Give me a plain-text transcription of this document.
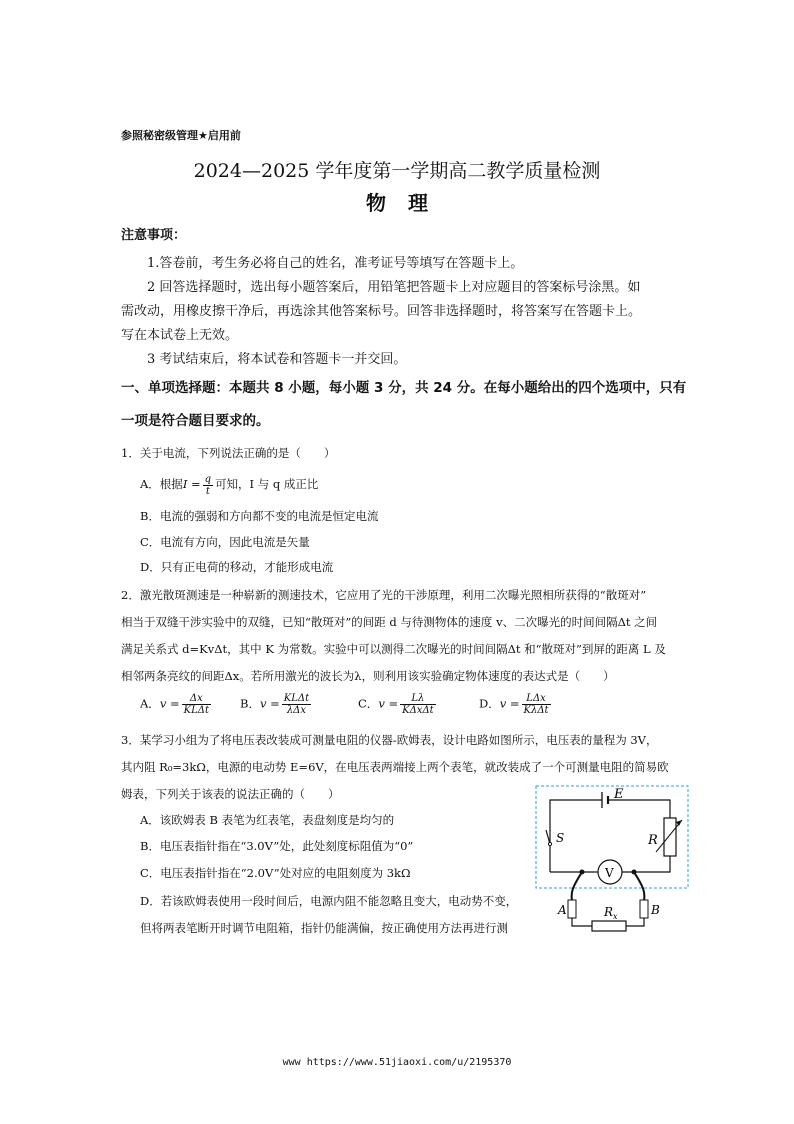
参照秘密级管理★启用前
2024—2025 学年度第一学期高二教学质量检测
物理
注意事项：
1.答卷前，考生务必将自己的姓名，准考证号等填写在答题卡上。
2 回答选择题时，选出每小题答案后，用铅笔把答题卡上对应题目的答案标号涂黑。如
需改动，用橡皮擦干净后，再选涂其他答案标号。回答非选择题时，将答案写在答题卡上。
写在本试卷上无效。
3 考试结束后，将本试卷和答题卡一并交回。
一、单项选择题：本题共 8 小题，每小题 3 分，共 24 分。在每小题给出的四个选项中，只有
一项是符合题目要求的。
1．关于电流，下列说法正确的是（　　）
A．根据$I = \frac{q}{t}$ 可知，I 与 q 成正比
B．电流的强弱和方向都不变的电流是恒定电流
C．电流有方向，因此电流是矢量
D．只有正电荷的移动，才能形成电流
2．激光散斑测速是一种崭新的测速技术，它应用了光的干涉原理，利用二次曝光照相所获得的“散斑对”
相当于双缝干涉实验中的双缝，已知“散斑对”的间距 d 与待测物体的速度 v、二次曝光的时间间隔Δt 之间
满足关系式 d=KvΔt，其中 K 为常数。实验中可以测得二次曝光的时间间隔Δt 和“散斑对”到屏的距离 L 及
相邻两条亮纹的间距Δx。若所用激光的波长为λ，则利用该实验确定物体速度的表达式是（　　）
A．$v = \frac{\Delta x}{\text{KLΔt}}$	B．$v = \frac{\text{KLΔt}}{\text{λΔx}}$	C．$v = \frac{L\lambda}{\text{KΔxΔt}}$	D．$v = \frac{\text{LΔx}}{\text{KλΔt}}$
3．某学习小组为了将电压表改装成可测量电阻的仪器-欧姆表，设计电路如图所示，电压表的量程为 3V，
其内阻 R₀=3kΩ，电源的电动势 E=6V，在电压表两端接上两个表笔，就改装成了一个可测量电阻的简易欧
姆表，下列关于该表的说法正确的（　　）
A．该欧姆表 B 表笔为红表笔，表盘刻度是均匀的
B．电压表指针指在“3.0V”处，此处刻度标阻值为“0”
C．电压表指针指在“2.0V”处对应的电阻刻度为 3kΩ
D．若该欧姆表使用一段时间后，电源内阻不能忽略且变大，电动势不变，
但将两表笔断开时调节电阻箱，指针仍能满偏，按正确使用方法再进行测
E
R
S
V
A	B
$R_x$
www https://www.51jiaoxi.com/u/2195370
